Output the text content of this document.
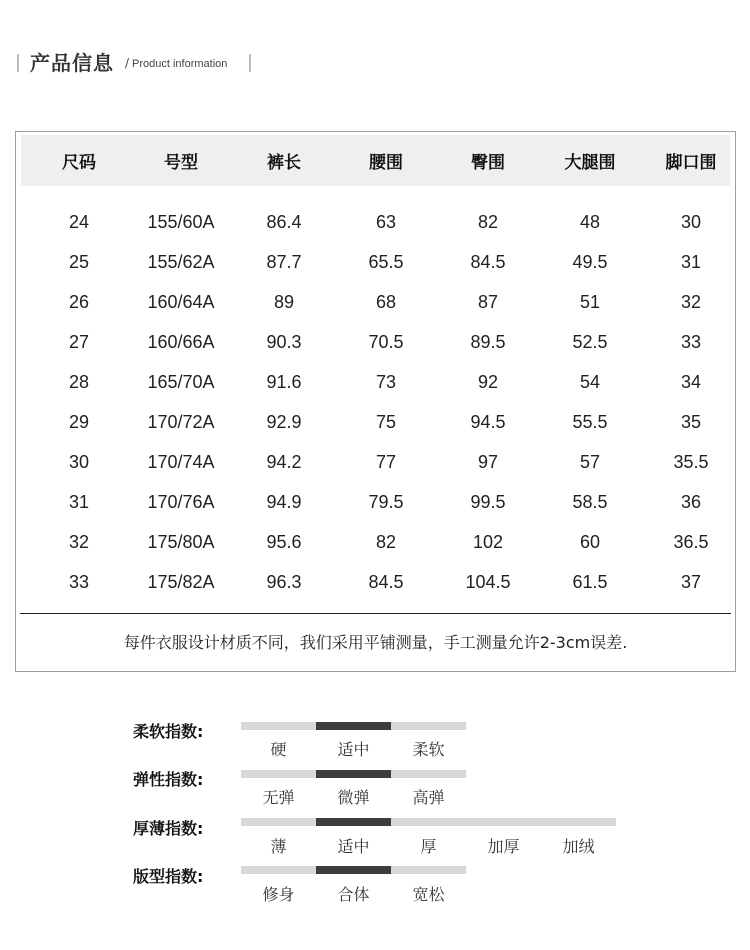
产品信息 / Product information
尺码	号型	裤长	腰围	臀围	大腿围	脚口围
24	155/60A	86.4	63	82	48	30
25	155/62A	87.7	65.5	84.5	49.5	31
26	160/64A	89	68	87	51	32
27	160/66A	90.3	70.5	89.5	52.5	33
28	165/70A	91.6	73	92	54	34
29	170/72A	92.9	75	94.5	55.5	35
30	170/74A	94.2	77	97	57	35.5
31	170/76A	94.9	79.5	99.5	58.5	36
32	175/80A	95.6	82	102	60	36.5
33	175/82A	96.3	84.5	104.5	61.5	37
每件衣服设计材质不同，我们采用平铺测量，手工测量允许2-3cm误差.
柔软指数:
硬	适中	柔软
弹性指数:
无弹	微弹	高弹
厚薄指数:
薄	适中	厚	加厚	加绒
版型指数:
修身	合体	宽松
